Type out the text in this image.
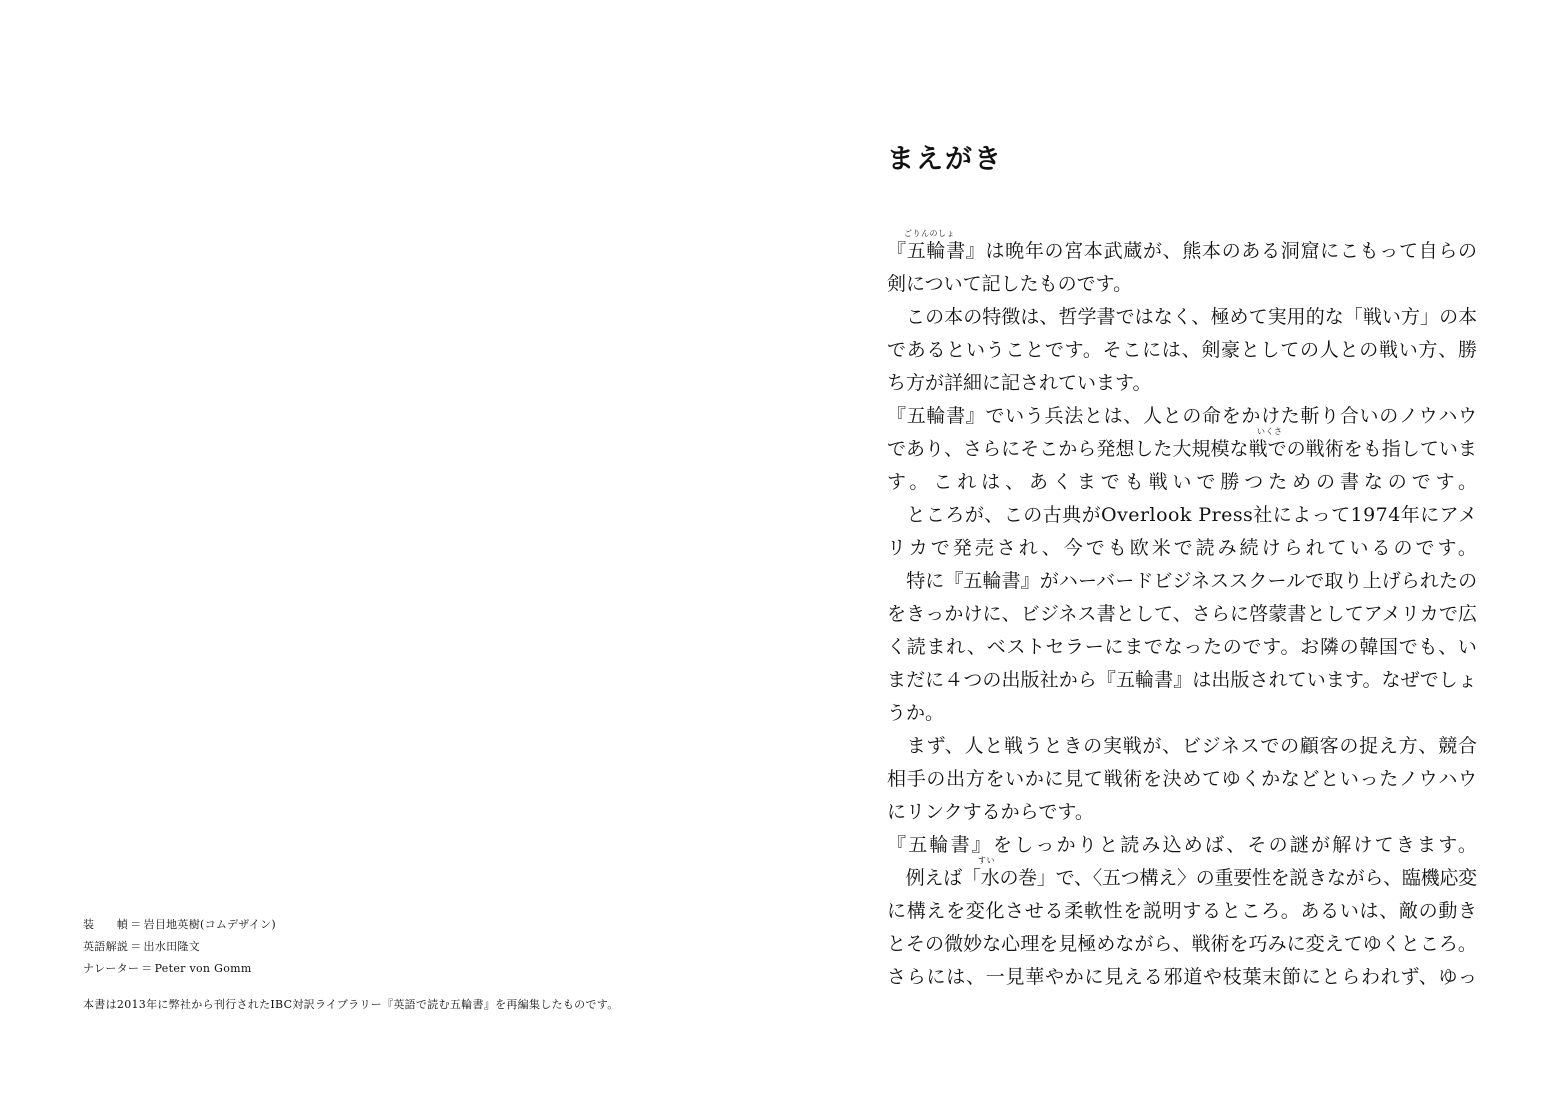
装　　幀 ＝ 岩目地英樹(コムデザイン)
英語解説 ＝ 出水田隆文
ナレーター ＝ Peter von Gomm
本書は2013年に弊社から刊行されたIBC対訳ライブラリー『英語で読む五輪書』を再編集したものです。
まえがき
ごりんのしょ
『五輪書』は晩年の宮本武蔵が、熊本のある洞窟にこもって自らの
剣について記したものです。
　この本の特徴は、哲学書ではなく、極めて実用的な「戦い方」の本
であるということです。そこには、剣豪としての人との戦い方、勝
ち方が詳細に記されています。
『五輪書』でいう兵法とは、人との命をかけた斬り合いのノウハウ
いくさ
であり、さらにそこから発想した大規模な戦での戦術をも指していま
す。これは、あくまでも戦いで勝つための書なのです。
　ところが、この古典がOverlook Press社によって1974年にアメ
リカで発売され、今でも欧米で読み続けられているのです。
　特に『五輪書』がハーバードビジネススクールで取り上げられたの
をきっかけに、ビジネス書として、さらに啓蒙書としてアメリカで広
く読まれ、ベストセラーにまでなったのです。お隣の韓国でも、い
まだに４つの出版社から『五輪書』は出版されています。なぜでしょ
うか。
　まず、人と戦うときの実戦が、ビジネスでの顧客の捉え方、競合
相手の出方をいかに見て戦術を決めてゆくかなどといったノウハウ
にリンクするからです。
『五輪書』をしっかりと読み込めば、その謎が解けてきます。
すい
　例えば「水の巻」で、〈五つ構え〉の重要性を説きながら、臨機応変
に構えを変化させる柔軟性を説明するところ。あるいは、敵の動き
とその微妙な心理を見極めながら、戦術を巧みに変えてゆくところ。
さらには、一見華やかに見える邪道や枝葉末節にとらわれず、ゆっ
